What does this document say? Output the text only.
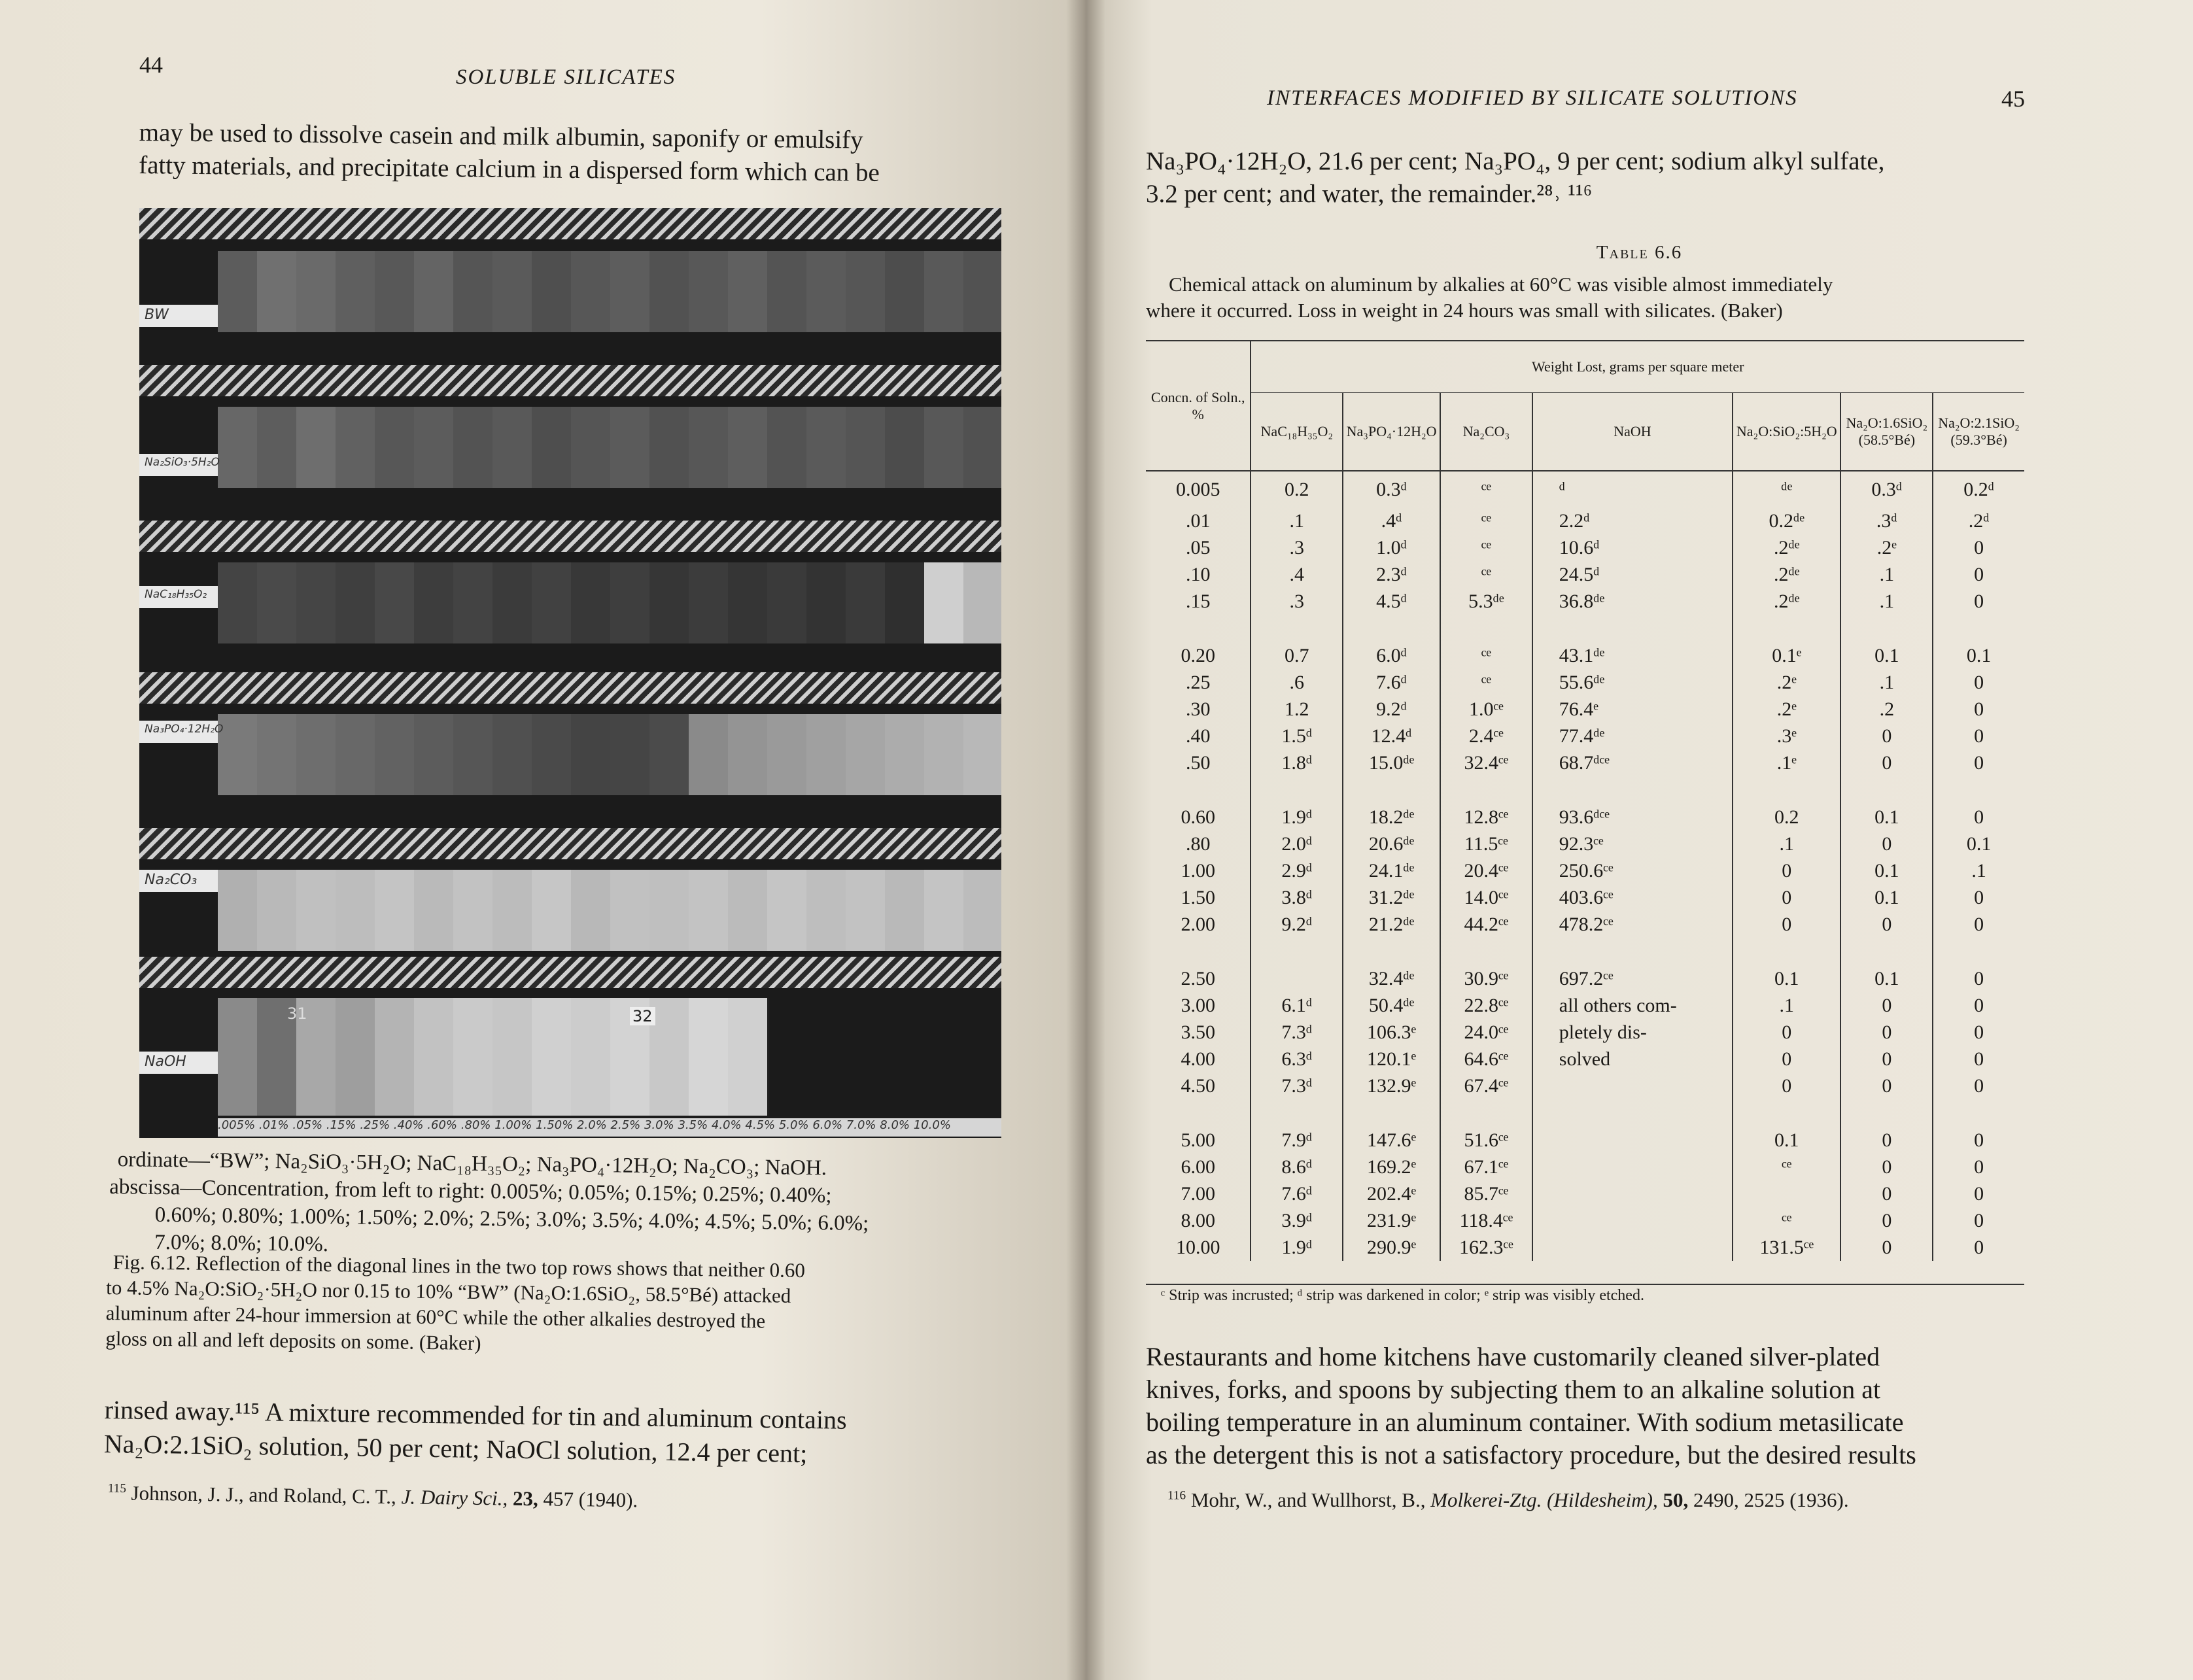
44	SOLUBLE SILICATES
may be used to dissolve casein and milk albumin, saponify or emulsify
fatty materials, and precipitate calcium in a dispersed form which can be
BW
Na₂SiO₃·5H₂O
NaC₁₈H₃₅O₂
Na₃PO₄·12H₂O
Na₂CO₃
31	32
NaOH
.005% .01% .05% .15% .25% .40% .60% .80% 1.00% 1.50% 2.0% 2.5% 3.0% 3.5% 4.0% 4.5% 5.0% 6.0% 7.0% 8.0% 10.0%
ordinate—“BW”; Na₂SiO₃·5H₂O; NaC₁₈H₃₅O₂; Na₃PO₄·12H₂O; Na₂CO₃; NaOH.
abscissa—Concentration, from left to right: 0.005%; 0.05%; 0.15%; 0.25%; 0.40%;
0.60%; 0.80%; 1.00%; 1.50%; 2.0%; 2.5%; 3.0%; 3.5%; 4.0%; 4.5%; 5.0%; 6.0%;
7.0%; 8.0%; 10.0%.
Fig. 6.12. Reflection of the diagonal lines in the two top rows shows that neither 0.60
to 4.5% Na₂O:SiO₂·5H₂O nor 0.15 to 10% “BW” (Na₂O:1.6SiO₂, 58.5°Bé) attacked
aluminum after 24-hour immersion at 60°C while the other alkalies destroyed the
gloss on all and left deposits on some. (Baker)
rinsed away.¹¹⁵ A mixture recommended for tin and aluminum contains
Na₂O:2.1SiO₂ solution, 50 per cent; NaOCl solution, 12.4 per cent;
$^{115}$ Johnson, J. J., and Roland, C. T., J. Dairy Sci., 23, 457 (1940).
INTERFACES MODIFIED BY SILICATE SOLUTIONS	45
Na₃PO₄·12H₂O, 21.6 per cent; Na₃PO₄, 9 per cent; sodium alkyl sulfate,
3.2 per cent; and water, the remainder.²⁸˒ ¹¹⁶
Table 6.6
Chemical attack on aluminum by alkalies at 60°C was visible almost immediately
where it occurred. Loss in weight in 24 hours was small with silicates. (Baker)
Concn. of Soln., %	Weight Lost, grams per square meter						
	NaC₁₈H₃₅O₂	Na₃PO₄·12H₂O	Na₂CO₃	NaOH	Na₂O:SiO₂:5H₂O	Na₂O:1.6SiO₂ (58.5°Bé)	Na₂O:2.1SiO₂ (59.3°Bé)
0.005	0.2	0.3ᵈ	ᶜᵉ	ᵈ	ᵈᵉ	0.3ᵈ	0.2ᵈ
.01	.1	.4ᵈ	ᶜᵉ	2.2ᵈ	0.2ᵈᵉ	.3ᵈ	.2ᵈ
.05	.3	1.0ᵈ	ᶜᵉ	10.6ᵈ	.2ᵈᵉ	.2ᵉ	0
.10	.4	2.3ᵈ	ᶜᵉ	24.5ᵈ	.2ᵈᵉ	.1	0
.15	.3	4.5ᵈ	5.3ᵈᵉ	36.8ᵈᵉ	.2ᵈᵉ	.1	0

0.20	0.7	6.0ᵈ	ᶜᵉ	43.1ᵈᵉ	0.1ᵉ	0.1	0.1
.25	.6	7.6ᵈ	ᶜᵉ	55.6ᵈᵉ	.2ᵉ	.1	0
.30	1.2	9.2ᵈ	1.0ᶜᵉ	76.4ᵉ	.2ᵉ	.2	0
.40	1.5ᵈ	12.4ᵈ	2.4ᶜᵉ	77.4ᵈᵉ	.3ᵉ	0	0
.50	1.8ᵈ	15.0ᵈᵉ	32.4ᶜᵉ	68.7ᵈᶜᵉ	.1ᵉ	0	0

0.60	1.9ᵈ	18.2ᵈᵉ	12.8ᶜᵉ	93.6ᵈᶜᵉ	0.2	0.1	0
.80	2.0ᵈ	20.6ᵈᵉ	11.5ᶜᵉ	92.3ᶜᵉ	.1	0	0.1
1.00	2.9ᵈ	24.1ᵈᵉ	20.4ᶜᵉ	250.6ᶜᵉ	0	0.1	.1
1.50	3.8ᵈ	31.2ᵈᵉ	14.0ᶜᵉ	403.6ᶜᵉ	0	0.1	0
2.00	9.2ᵈ	21.2ᵈᵉ	44.2ᶜᵉ	478.2ᶜᵉ	0	0	0

2.50		32.4ᵈᵉ	30.9ᶜᵉ	697.2ᶜᵉ	0.1	0.1	0
3.00	6.1ᵈ	50.4ᵈᵉ	22.8ᶜᵉ	all others com-	.1	0	0
3.50	7.3ᵈ	106.3ᵉ	24.0ᶜᵉ	pletely dis-	0	0	0
4.00	6.3ᵈ	120.1ᵉ	64.6ᶜᵉ	solved	0	0	0
4.50	7.3ᵈ	132.9ᵉ	67.4ᶜᵉ		0	0	0

5.00	7.9ᵈ	147.6ᵉ	51.6ᶜᵉ		0.1	0	0
6.00	8.6ᵈ	169.2ᵉ	67.1ᶜᵉ		ᶜᵉ	0	0
7.00	7.6ᵈ	202.4ᵉ	85.7ᶜᵉ			0	0
8.00	3.9ᵈ	231.9ᵉ	118.4ᶜᵉ		ᶜᵉ	0	0
10.00	1.9ᵈ	290.9ᵉ	162.3ᶜᵉ		131.5ᶜᵉ	0	0
ᶜ Strip was incrusted; ᵈ strip was darkened in color; ᵉ strip was visibly etched.
Restaurants and home kitchens have customarily cleaned silver-plated
knives, forks, and spoons by subjecting them to an alkaline solution at
boiling temperature in an aluminum container. With sodium metasilicate
as the detergent this is not a satisfactory procedure, but the desired results
$^{116}$ Mohr, W., and Wullhorst, B., Molkerei-Ztg. (Hildesheim), 50, 2490, 2525 (1936).
